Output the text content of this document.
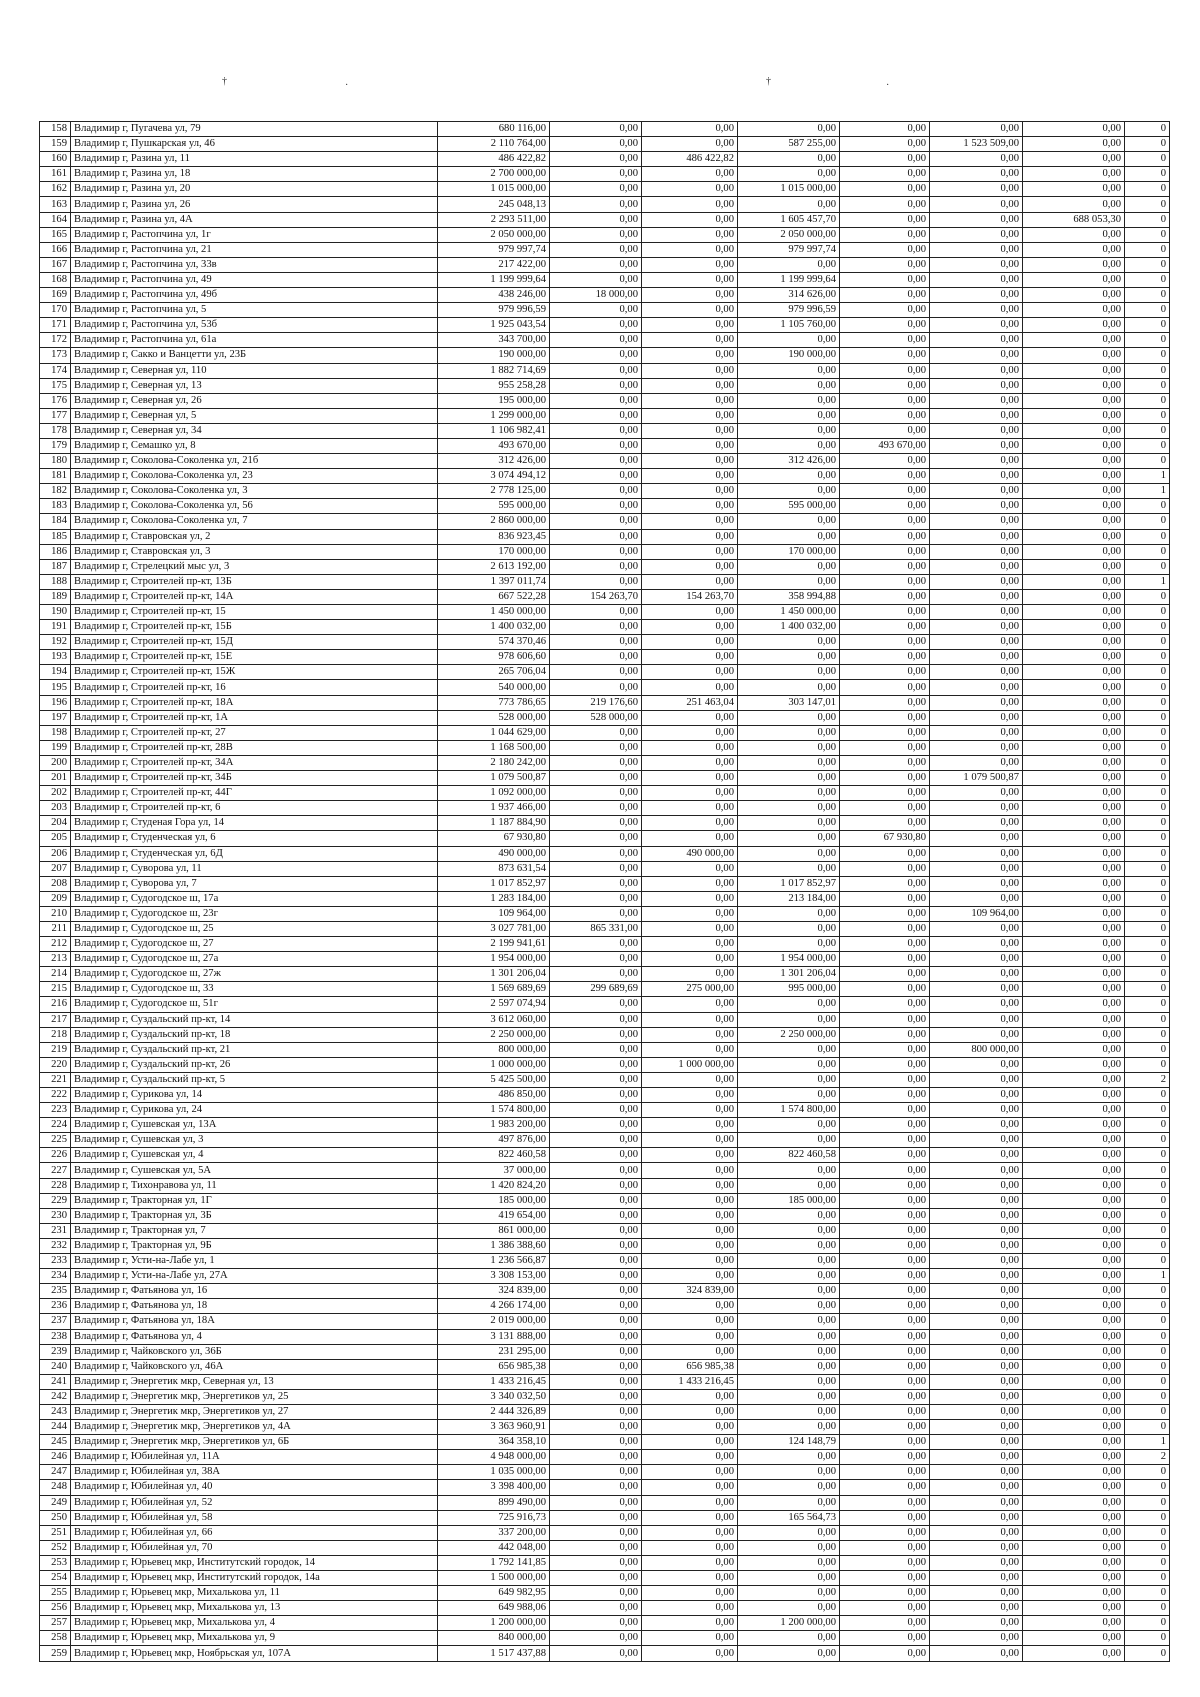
†	·	†	·
158	Владимир г, Пугачева ул, 79	680 116,00	0,00	0,00	0,00	0,00	0,00	0,00	0
159	Владимир г, Пушкарская ул, 46	2 110 764,00	0,00	0,00	587 255,00	0,00	1 523 509,00	0,00	0
160	Владимир г, Разина ул, 11	486 422,82	0,00	486 422,82	0,00	0,00	0,00	0,00	0
161	Владимир г, Разина ул, 18	2 700 000,00	0,00	0,00	0,00	0,00	0,00	0,00	0
162	Владимир г, Разина ул, 20	1 015 000,00	0,00	0,00	1 015 000,00	0,00	0,00	0,00	0
163	Владимир г, Разина ул, 26	245 048,13	0,00	0,00	0,00	0,00	0,00	0,00	0
164	Владимир г, Разина ул, 4А	2 293 511,00	0,00	0,00	1 605 457,70	0,00	0,00	688 053,30	0
165	Владимир г, Растопчина ул, 1г	2 050 000,00	0,00	0,00	2 050 000,00	0,00	0,00	0,00	0
166	Владимир г, Растопчина ул, 21	979 997,74	0,00	0,00	979 997,74	0,00	0,00	0,00	0
167	Владимир г, Растопчина ул, 33в	217 422,00	0,00	0,00	0,00	0,00	0,00	0,00	0
168	Владимир г, Растопчина ул, 49	1 199 999,64	0,00	0,00	1 199 999,64	0,00	0,00	0,00	0
169	Владимир г, Растопчина ул, 49б	438 246,00	18 000,00	0,00	314 626,00	0,00	0,00	0,00	0
170	Владимир г, Растопчина ул, 5	979 996,59	0,00	0,00	979 996,59	0,00	0,00	0,00	0
171	Владимир г, Растопчина ул, 53б	1 925 043,54	0,00	0,00	1 105 760,00	0,00	0,00	0,00	0
172	Владимир г, Растопчина ул, 61а	343 700,00	0,00	0,00	0,00	0,00	0,00	0,00	0
173	Владимир г, Сакко и Ванцетти ул, 23Б	190 000,00	0,00	0,00	190 000,00	0,00	0,00	0,00	0
174	Владимир г, Северная ул, 110	1 882 714,69	0,00	0,00	0,00	0,00	0,00	0,00	0
175	Владимир г, Северная ул, 13	955 258,28	0,00	0,00	0,00	0,00	0,00	0,00	0
176	Владимир г, Северная ул, 26	195 000,00	0,00	0,00	0,00	0,00	0,00	0,00	0
177	Владимир г, Северная ул, 5	1 299 000,00	0,00	0,00	0,00	0,00	0,00	0,00	0
178	Владимир г, Северная ул, 34	1 106 982,41	0,00	0,00	0,00	0,00	0,00	0,00	0
179	Владимир г, Семашко ул, 8	493 670,00	0,00	0,00	0,00	493 670,00	0,00	0,00	0
180	Владимир г, Соколова-Соколенка ул, 21б	312 426,00	0,00	0,00	312 426,00	0,00	0,00	0,00	0
181	Владимир г, Соколова-Соколенка ул, 23	3 074 494,12	0,00	0,00	0,00	0,00	0,00	0,00	1
182	Владимир г, Соколова-Соколенка ул, 3	2 778 125,00	0,00	0,00	0,00	0,00	0,00	0,00	1
183	Владимир г, Соколова-Соколенка ул, 56	595 000,00	0,00	0,00	595 000,00	0,00	0,00	0,00	0
184	Владимир г, Соколова-Соколенка ул, 7	2 860 000,00	0,00	0,00	0,00	0,00	0,00	0,00	0
185	Владимир г, Ставровская ул, 2	836 923,45	0,00	0,00	0,00	0,00	0,00	0,00	0
186	Владимир г, Ставровская ул, 3	170 000,00	0,00	0,00	170 000,00	0,00	0,00	0,00	0
187	Владимир г, Стрелецкий мыс ул, 3	2 613 192,00	0,00	0,00	0,00	0,00	0,00	0,00	0
188	Владимир г, Строителей пр-кт, 13Б	1 397 011,74	0,00	0,00	0,00	0,00	0,00	0,00	1
189	Владимир г, Строителей пр-кт, 14А	667 522,28	154 263,70	154 263,70	358 994,88	0,00	0,00	0,00	0
190	Владимир г, Строителей пр-кт, 15	1 450 000,00	0,00	0,00	1 450 000,00	0,00	0,00	0,00	0
191	Владимир г, Строителей пр-кт, 15Б	1 400 032,00	0,00	0,00	1 400 032,00	0,00	0,00	0,00	0
192	Владимир г, Строителей пр-кт, 15Д	574 370,46	0,00	0,00	0,00	0,00	0,00	0,00	0
193	Владимир г, Строителей пр-кт, 15Е	978 606,60	0,00	0,00	0,00	0,00	0,00	0,00	0
194	Владимир г, Строителей пр-кт, 15Ж	265 706,04	0,00	0,00	0,00	0,00	0,00	0,00	0
195	Владимир г, Строителей пр-кт, 16	540 000,00	0,00	0,00	0,00	0,00	0,00	0,00	0
196	Владимир г, Строителей пр-кт, 18А	773 786,65	219 176,60	251 463,04	303 147,01	0,00	0,00	0,00	0
197	Владимир г, Строителей пр-кт, 1А	528 000,00	528 000,00	0,00	0,00	0,00	0,00	0,00	0
198	Владимир г, Строителей пр-кт, 27	1 044 629,00	0,00	0,00	0,00	0,00	0,00	0,00	0
199	Владимир г, Строителей пр-кт, 28В	1 168 500,00	0,00	0,00	0,00	0,00	0,00	0,00	0
200	Владимир г, Строителей пр-кт, 34А	2 180 242,00	0,00	0,00	0,00	0,00	0,00	0,00	0
201	Владимир г, Строителей пр-кт, 34Б	1 079 500,87	0,00	0,00	0,00	0,00	1 079 500,87	0,00	0
202	Владимир г, Строителей пр-кт, 44Г	1 092 000,00	0,00	0,00	0,00	0,00	0,00	0,00	0
203	Владимир г, Строителей пр-кт, 6	1 937 466,00	0,00	0,00	0,00	0,00	0,00	0,00	0
204	Владимир г, Студеная Гора ул, 14	1 187 884,90	0,00	0,00	0,00	0,00	0,00	0,00	0
205	Владимир г, Студенческая ул, 6	67 930,80	0,00	0,00	0,00	67 930,80	0,00	0,00	0
206	Владимир г, Студенческая ул, 6Д	490 000,00	0,00	490 000,00	0,00	0,00	0,00	0,00	0
207	Владимир г, Суворова ул, 11	873 631,54	0,00	0,00	0,00	0,00	0,00	0,00	0
208	Владимир г, Суворова ул, 7	1 017 852,97	0,00	0,00	1 017 852,97	0,00	0,00	0,00	0
209	Владимир г, Судогодское ш, 17а	1 283 184,00	0,00	0,00	213 184,00	0,00	0,00	0,00	0
210	Владимир г, Судогодское ш, 23г	109 964,00	0,00	0,00	0,00	0,00	109 964,00	0,00	0
211	Владимир г, Судогодское ш, 25	3 027 781,00	865 331,00	0,00	0,00	0,00	0,00	0,00	0
212	Владимир г, Судогодское ш, 27	2 199 941,61	0,00	0,00	0,00	0,00	0,00	0,00	0
213	Владимир г, Судогодское ш, 27а	1 954 000,00	0,00	0,00	1 954 000,00	0,00	0,00	0,00	0
214	Владимир г, Судогодское ш, 27ж	1 301 206,04	0,00	0,00	1 301 206,04	0,00	0,00	0,00	0
215	Владимир г, Судогодское ш, 33	1 569 689,69	299 689,69	275 000,00	995 000,00	0,00	0,00	0,00	0
216	Владимир г, Судогодское ш, 51г	2 597 074,94	0,00	0,00	0,00	0,00	0,00	0,00	0
217	Владимир г, Суздальский пр-кт, 14	3 612 060,00	0,00	0,00	0,00	0,00	0,00	0,00	0
218	Владимир г, Суздальский пр-кт, 18	2 250 000,00	0,00	0,00	2 250 000,00	0,00	0,00	0,00	0
219	Владимир г, Суздальский пр-кт, 21	800 000,00	0,00	0,00	0,00	0,00	800 000,00	0,00	0
220	Владимир г, Суздальский пр-кт, 26	1 000 000,00	0,00	1 000 000,00	0,00	0,00	0,00	0,00	0
221	Владимир г, Суздальский пр-кт, 5	5 425 500,00	0,00	0,00	0,00	0,00	0,00	0,00	2
222	Владимир г, Сурикова ул, 14	486 850,00	0,00	0,00	0,00	0,00	0,00	0,00	0
223	Владимир г, Сурикова ул, 24	1 574 800,00	0,00	0,00	1 574 800,00	0,00	0,00	0,00	0
224	Владимир г, Сушевская ул, 13А	1 983 200,00	0,00	0,00	0,00	0,00	0,00	0,00	0
225	Владимир г, Сушевская ул, 3	497 876,00	0,00	0,00	0,00	0,00	0,00	0,00	0
226	Владимир г, Сушевская ул, 4	822 460,58	0,00	0,00	822 460,58	0,00	0,00	0,00	0
227	Владимир г, Сушевская ул, 5А	37 000,00	0,00	0,00	0,00	0,00	0,00	0,00	0
228	Владимир г, Тихонравова ул, 11	1 420 824,20	0,00	0,00	0,00	0,00	0,00	0,00	0
229	Владимир г, Тракторная ул, 1Г	185 000,00	0,00	0,00	185 000,00	0,00	0,00	0,00	0
230	Владимир г, Тракторная ул, 3Б	419 654,00	0,00	0,00	0,00	0,00	0,00	0,00	0
231	Владимир г, Тракторная ул, 7	861 000,00	0,00	0,00	0,00	0,00	0,00	0,00	0
232	Владимир г, Тракторная ул, 9Б	1 386 388,60	0,00	0,00	0,00	0,00	0,00	0,00	0
233	Владимир г, Усти-на-Лабе ул, 1	1 236 566,87	0,00	0,00	0,00	0,00	0,00	0,00	0
234	Владимир г, Усти-на-Лабе ул, 27А	3 308 153,00	0,00	0,00	0,00	0,00	0,00	0,00	1
235	Владимир г, Фатьянова ул, 16	324 839,00	0,00	324 839,00	0,00	0,00	0,00	0,00	0
236	Владимир г, Фатьянова ул, 18	4 266 174,00	0,00	0,00	0,00	0,00	0,00	0,00	0
237	Владимир г, Фатьянова ул, 18А	2 019 000,00	0,00	0,00	0,00	0,00	0,00	0,00	0
238	Владимир г, Фатьянова ул, 4	3 131 888,00	0,00	0,00	0,00	0,00	0,00	0,00	0
239	Владимир г, Чайковского ул, 36Б	231 295,00	0,00	0,00	0,00	0,00	0,00	0,00	0
240	Владимир г, Чайковского ул, 46А	656 985,38	0,00	656 985,38	0,00	0,00	0,00	0,00	0
241	Владимир г, Энергетик мкр, Северная ул, 13	1 433 216,45	0,00	1 433 216,45	0,00	0,00	0,00	0,00	0
242	Владимир г, Энергетик мкр, Энергетиков ул, 25	3 340 032,50	0,00	0,00	0,00	0,00	0,00	0,00	0
243	Владимир г, Энергетик мкр, Энергетиков ул, 27	2 444 326,89	0,00	0,00	0,00	0,00	0,00	0,00	0
244	Владимир г, Энергетик мкр, Энергетиков ул, 4А	3 363 960,91	0,00	0,00	0,00	0,00	0,00	0,00	0
245	Владимир г, Энергетик мкр, Энергетиков ул, 6Б	364 358,10	0,00	0,00	124 148,79	0,00	0,00	0,00	1
246	Владимир г, Юбилейная ул, 11А	4 948 000,00	0,00	0,00	0,00	0,00	0,00	0,00	2
247	Владимир г, Юбилейная ул, 38А	1 035 000,00	0,00	0,00	0,00	0,00	0,00	0,00	0
248	Владимир г, Юбилейная ул, 40	3 398 400,00	0,00	0,00	0,00	0,00	0,00	0,00	0
249	Владимир г, Юбилейная ул, 52	899 490,00	0,00	0,00	0,00	0,00	0,00	0,00	0
250	Владимир г, Юбилейная ул, 58	725 916,73	0,00	0,00	165 564,73	0,00	0,00	0,00	0
251	Владимир г, Юбилейная ул, 66	337 200,00	0,00	0,00	0,00	0,00	0,00	0,00	0
252	Владимир г, Юбилейная ул, 70	442 048,00	0,00	0,00	0,00	0,00	0,00	0,00	0
253	Владимир г, Юрьевец мкр, Институтский городок, 14	1 792 141,85	0,00	0,00	0,00	0,00	0,00	0,00	0
254	Владимир г, Юрьевец мкр, Институтский городок, 14а	1 500 000,00	0,00	0,00	0,00	0,00	0,00	0,00	0
255	Владимир г, Юрьевец мкр, Михалькова ул, 11	649 982,95	0,00	0,00	0,00	0,00	0,00	0,00	0
256	Владимир г, Юрьевец мкр, Михалькова ул, 13	649 988,06	0,00	0,00	0,00	0,00	0,00	0,00	0
257	Владимир г, Юрьевец мкр, Михалькова ул, 4	1 200 000,00	0,00	0,00	1 200 000,00	0,00	0,00	0,00	0
258	Владимир г, Юрьевец мкр, Михалькова ул, 9	840 000,00	0,00	0,00	0,00	0,00	0,00	0,00	0
259	Владимир г, Юрьевец мкр, Ноябрьская ул, 107А	1 517 437,88	0,00	0,00	0,00	0,00	0,00	0,00	0
